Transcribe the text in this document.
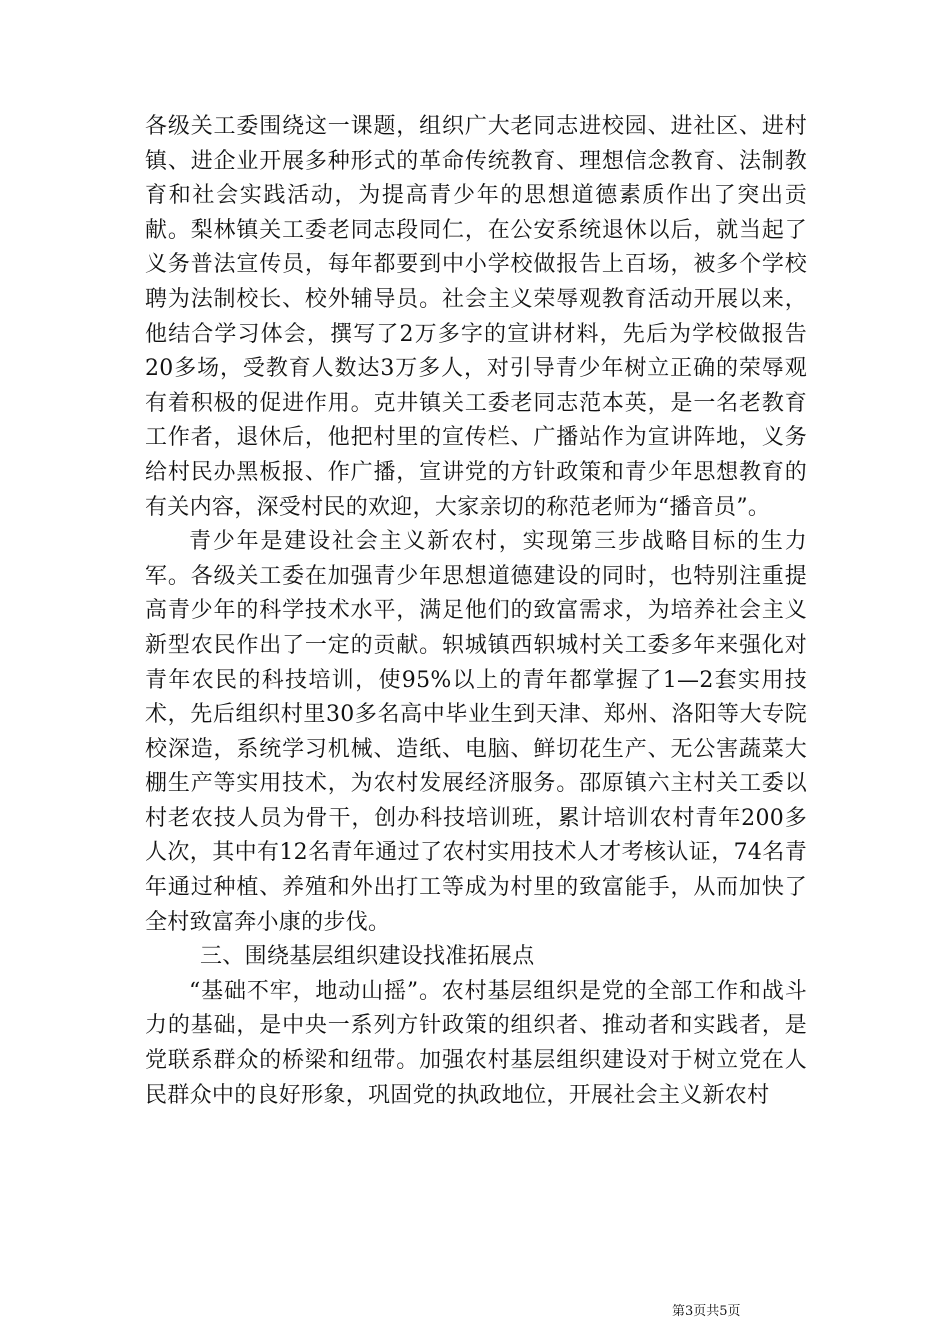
各级关工委围绕这一课题，组织广大老同志进校园、进社区、进村镇、进企业开展多种形式的革命传统教育、理想信念教育、法制教育和社会实践活动，为提高青少年的思想道德素质作出了突出贡献。梨林镇关工委老同志段同仁，在公安系统退休以后，就当起了义务普法宣传员，每年都要到中小学校做报告上百场，被多个学校聘为法制校长、校外辅导员。社会主义荣辱观教育活动开展以来，他结合学习体会，撰写了2万多字的宣讲材料，先后为学校做报告20多场，受教育人数达3万多人，对引导青少年树立正确的荣辱观有着积极的促进作用。克井镇关工委老同志范本英，是一名老教育工作者，退休后，他把村里的宣传栏、广播站作为宣讲阵地，义务给村民办黑板报、作广播，宣讲党的方针政策和青少年思想教育的有关内容，深受村民的欢迎，大家亲切的称范老师为“播音员”。

青少年是建设社会主义新农村，实现第三步战略目标的生力军。各级关工委在加强青少年思想道德建设的同时，也特别注重提高青少年的科学技术水平，满足他们的致富需求，为培养社会主义新型农民作出了一定的贡献。轵城镇西轵城村关工委多年来强化对青年农民的科技培训，使95%以上的青年都掌握了1—2套实用技术，先后组织村里30多名高中毕业生到天津、郑州、洛阳等大专院校深造，系统学习机械、造纸、电脑、鲜切花生产、无公害蔬菜大棚生产等实用技术，为农村发展经济服务。邵原镇六主村关工委以村老农技人员为骨干，创办科技培训班，累计培训农村青年200多人次，其中有12名青年通过了农村实用技术人才考核认证，74名青年通过种植、养殖和外出打工等成为村里的致富能手，从而加快了全村致富奔小康的步伐。

三、围绕基层组织建设找准拓展点

“基础不牢，地动山摇”。农村基层组织是党的全部工作和战斗力的基础，是中央一系列方针政策的组织者、推动者和实践者，是党联系群众的桥梁和纽带。加强农村基层组织建设对于树立党在人民群众中的良好形象，巩固党的执政地位，开展社会主义新农村

第3页共5页
